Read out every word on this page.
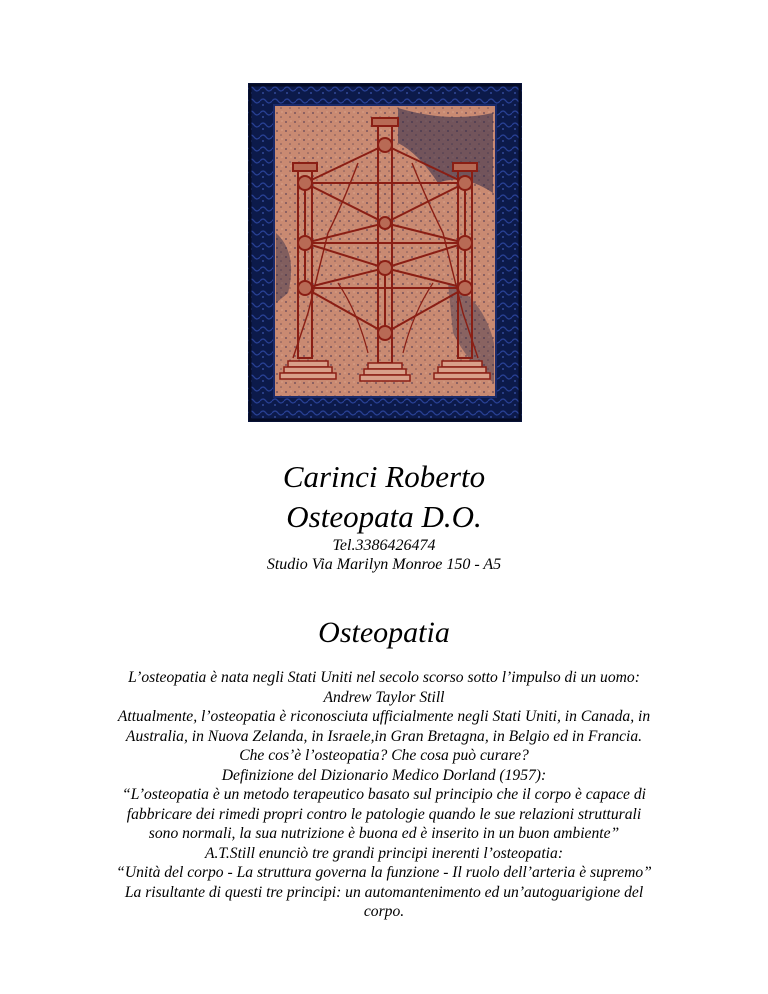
Carinci Roberto
Osteopata D.O.
Tel.3386426474
Studio Via Marilyn Monroe 150 - A5
Osteopatia

L’osteopatia è nata negli Stati Uniti nel secolo scorso sotto l’impulso di un uomo:

Andrew Taylor Still

Attualmente, l’osteopatia è riconosciuta ufficialmente negli Stati Uniti, in Canada, in

Australia, in Nuova Zelanda, in Israele,in Gran Bretagna, in Belgio ed in Francia.

Che cos’è l’osteopatia? Che cosa può curare?

Definizione del Dizionario Medico Dorland (1957):

“L’osteopatia è un metodo terapeutico basato sul principio che il corpo è capace di

fabbricare dei rimedi propri contro le patologie quando le sue relazioni strutturali

sono normali, la sua nutrizione è buona ed è inserito in un buon ambiente”

A.T.Still enunciò tre grandi principi inerenti l’osteopatia:

“Unità del corpo - La struttura governa la funzione - Il ruolo dell’arteria è supremo”

La risultante di questi tre principi: un automantenimento ed un’autoguarigione del

corpo.
